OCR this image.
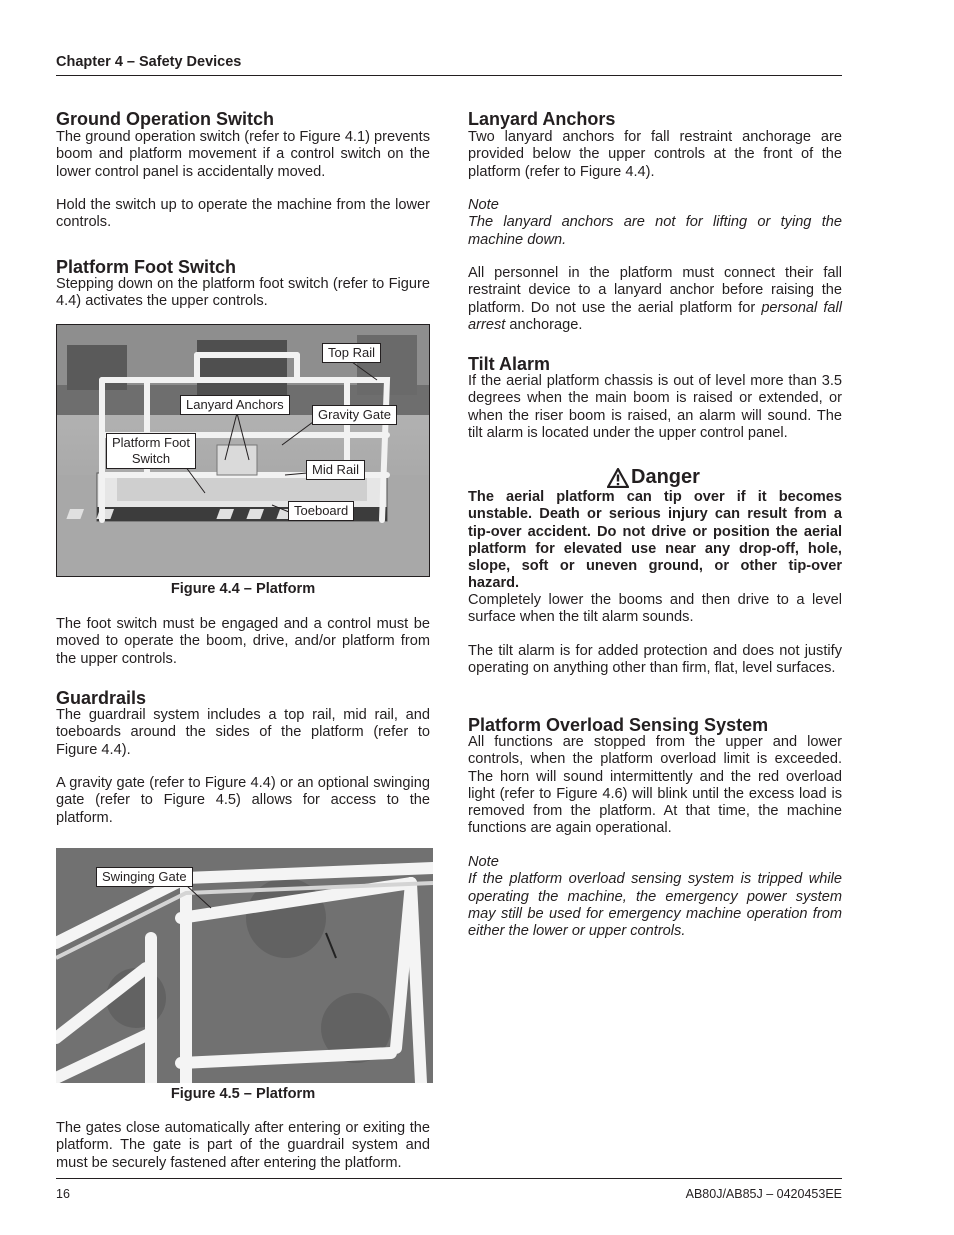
Chapter 4 – Safety Devices
Ground Operation Switch
The ground operation switch (refer to Figure 4.1) prevents boom and platform movement if a control switch on the lower control panel is accidentally moved.
Hold the switch up to operate the machine from the lower controls.
Platform Foot Switch
Stepping down on the platform foot switch (refer to Figure 4.4) activates the upper controls.
Top Rail
Lanyard Anchors
Gravity Gate
Platform Foot
Switch
Mid Rail
Toeboard
Figure 4.4 – Platform
The foot switch must be engaged and a control must be moved to operate the boom, drive, and/or platform from the upper controls.
Guardrails
The guardrail system includes a top rail, mid rail, and toeboards around the sides of the platform (refer to Figure 4.4).
A gravity gate (refer to Figure 4.4) or an optional swinging gate (refer to Figure 4.5) allows for access to the platform.
Swinging Gate
Figure 4.5 – Platform
The gates close automatically after entering or exiting the platform. The gate is part of the guardrail system and must be securely fastened after entering the platform.
Lanyard Anchors
Two lanyard anchors for fall restraint anchorage are provided below the upper controls at the front of the platform (refer to Figure 4.4).
Note
The lanyard anchors are not for lifting or tying the machine down.
All personnel in the platform must connect their fall restraint device to a lanyard anchor before raising the platform. Do not use the aerial platform for personal fall arrest anchorage.
Tilt Alarm
If the aerial platform chassis is out of level more than 3.5 degrees when the main boom is raised or extended, or when the riser boom is raised, an alarm will sound. The tilt alarm is located under the upper control panel.
Danger
The aerial platform can tip over if it becomes unstable. Death or serious injury can result from a tip-over accident. Do not drive or position the aerial platform for elevated use near any drop-off, hole, slope, soft or uneven ground, or other tip-over hazard.
Completely lower the booms and then drive to a level surface when the tilt alarm sounds.
The tilt alarm is for added protection and does not justify operating on anything other than firm, flat, level surfaces.
Platform Overload Sensing System
All functions are stopped from the upper and lower controls, when the platform overload limit is exceeded. The horn will sound intermittently and the red overload light (refer to Figure 4.6) will blink until the excess load is removed from the platform. At that time, the machine functions are again operational.
Note
If the platform overload sensing system is tripped while operating the machine, the emergency power system may still be used for emergency machine operation from either the lower or upper controls.
16	AB80J/AB85J – 0420453EE
